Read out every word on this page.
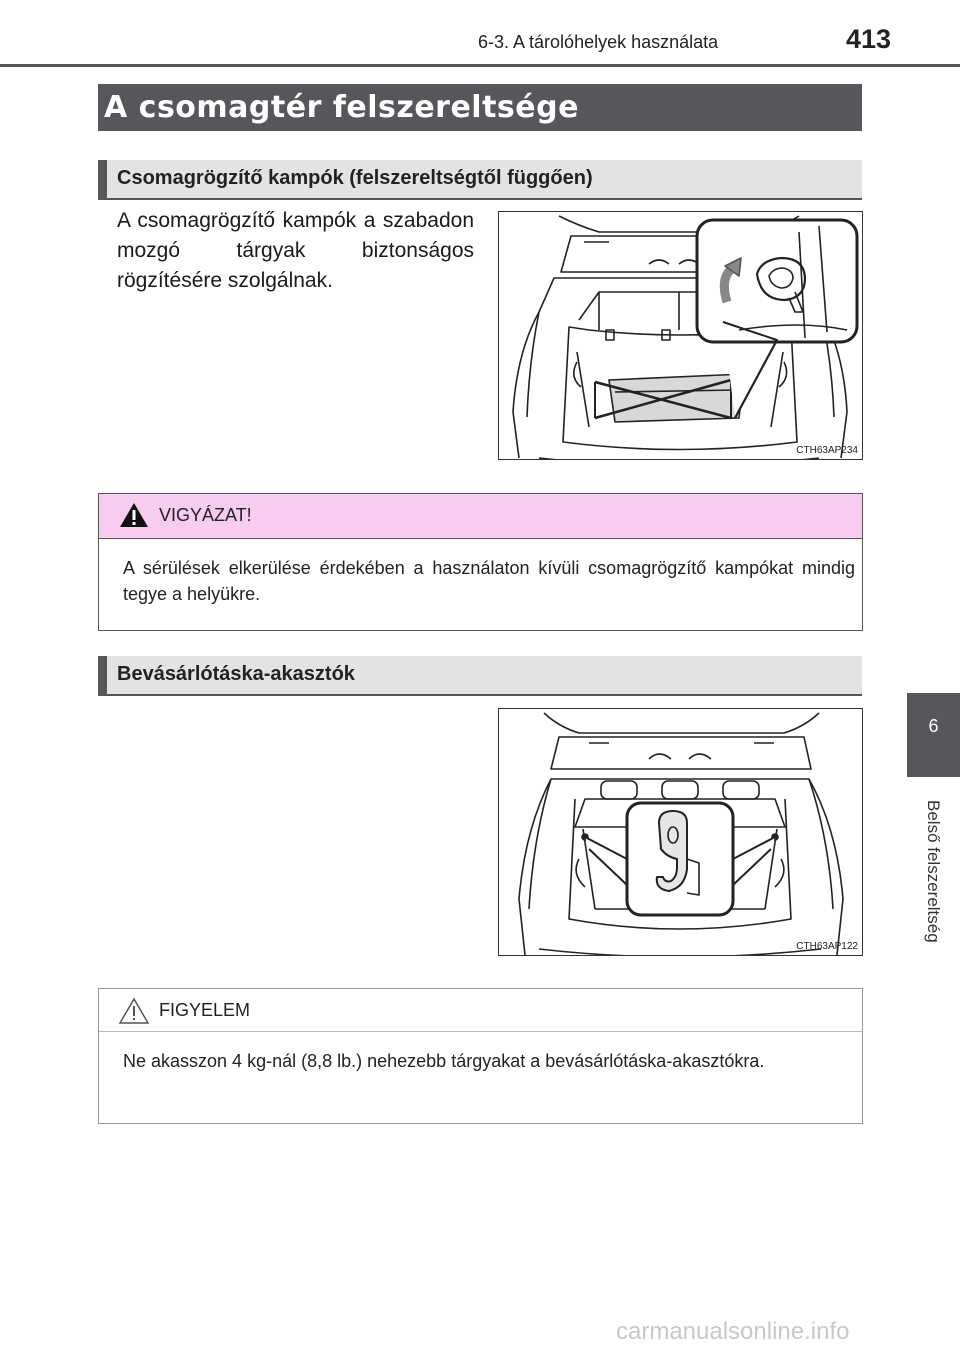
6-3. A tárolóhelyek használata	413
6
Belső felszereltség
A csomagtér felszereltsége
Csomagrögzítő kampók (felszereltségtől függően)
A csomagrögzítő kampók a szabadon mozgó tárgyak biztonságos rögzítésére szolgálnak.
CTH63AP234
VIGYÁZAT!
A sérülések elkerülése érdekében a használaton kívüli csomagrögzítő kampókat mindig tegye a helyükre.
Bevásárlótáska-akasztók
CTH63AP122
FIGYELEM
Ne akasszon 4 kg-nál (8,8 lb.) nehezebb tárgyakat a bevásárlótáska-akasztókra.
carmanualsonline.info
